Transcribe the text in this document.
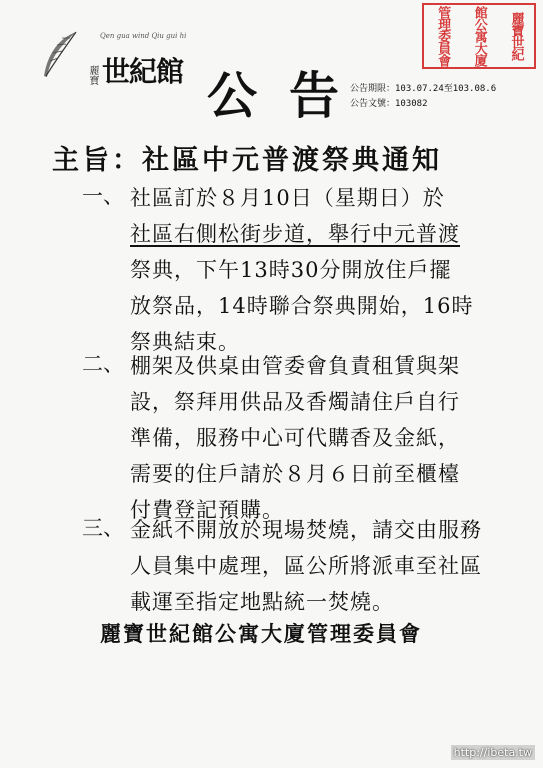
Qen gua wind Qiu gui hi
麗寶 世紀館 公告
公告期限：103.07.24至103.08.6
公告文號：103082
麗寶世紀
館公寓大廈
管理委員會
主旨：社區中元普渡祭典通知
一、 社區訂於８月10日（星期日）於
社區右側松街步道，舉行中元普渡
祭典，下午13時30分開放住戶擺
放祭品，14時聯合祭典開始，16時
祭典結束。
二、 棚架及供桌由管委會負責租賃與架
設，祭拜用供品及香燭請住戶自行
準備，服務中心可代購香及金紙，
需要的住戶請於８月６日前至櫃檯
付費登記預購。
三、 金紙不開放於現場焚燒，請交由服務
人員集中處理，區公所將派車至社區
載運至指定地點統一焚燒。
麗寶世紀館公寓大廈管理委員會
http://ibeta.tw
